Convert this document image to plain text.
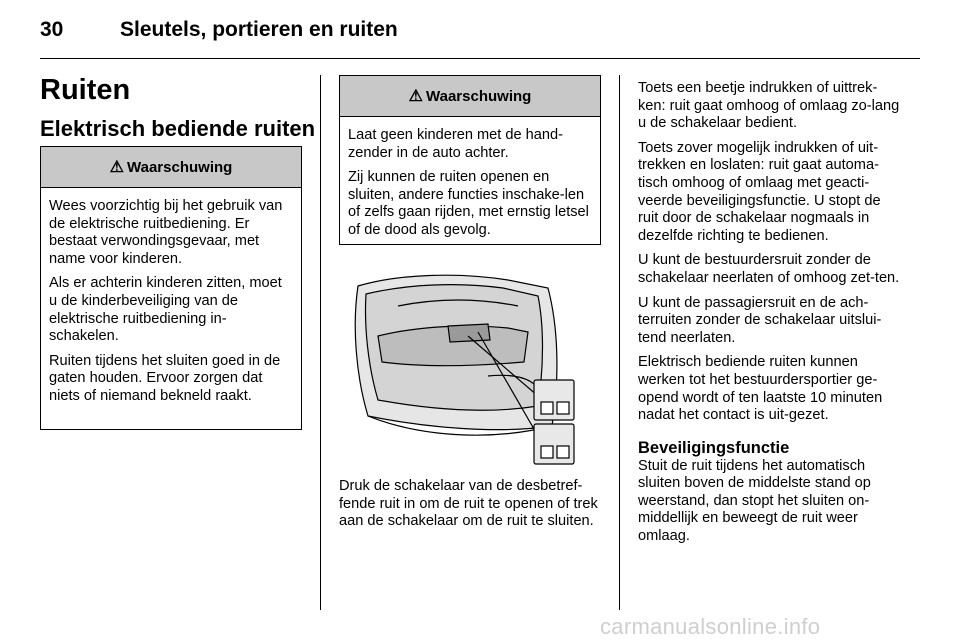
30	Sleutels, portieren en ruiten
Ruiten
Elektrisch bediende ruiten
⚠ Waarschuwing

Wees voorzichtig bij het gebruik van de elektrische ruitbediening. Er bestaat verwondingsgevaar, met name voor kinderen.

Als er achterin kinderen zitten, moet u de kinderbeveiliging van de elektrische ruitbediening in-schakelen.

Ruiten tijdens het sluiten goed in de gaten houden. Ervoor zorgen dat niets of niemand bekneld raakt.

⚠ Waarschuwing

Laat geen kinderen met de hand-zender in de auto achter.

Zij kunnen de ruiten openen en sluiten, andere functies inschake-len of zelfs gaan rijden, met ernstig letsel of de dood als gevolg.

Druk de schakelaar van de desbetref-fende ruit in om de ruit te openen of trek aan de schakelaar om de ruit te sluiten.

Toets een beetje indrukken of uittrek-ken: ruit gaat omhoog of omlaag zo-lang u de schakelaar bedient.

Toets zover mogelijk indrukken of uit-trekken en loslaten: ruit gaat automa-tisch omhoog of omlaag met geacti-veerde beveiligingsfunctie. U stopt de ruit door de schakelaar nogmaals in dezelfde richting te bedienen.

U kunt de bestuurdersruit zonder de schakelaar neerlaten of omhoog zet-ten.

U kunt de passagiersruit en de ach-terruiten zonder de schakelaar uitslui-tend neerlaten.

Elektrisch bediende ruiten kunnen werken tot het bestuurdersportier ge-opend wordt of ten laatste 10 minuten nadat het contact is uit-gezet.

Beveiligingsfunctie

Stuit de ruit tijdens het automatisch sluiten boven de middelste stand op weerstand, dan stopt het sluiten on-middellijk en beweegt de ruit weer omlaag.

carmanualsonline.info
